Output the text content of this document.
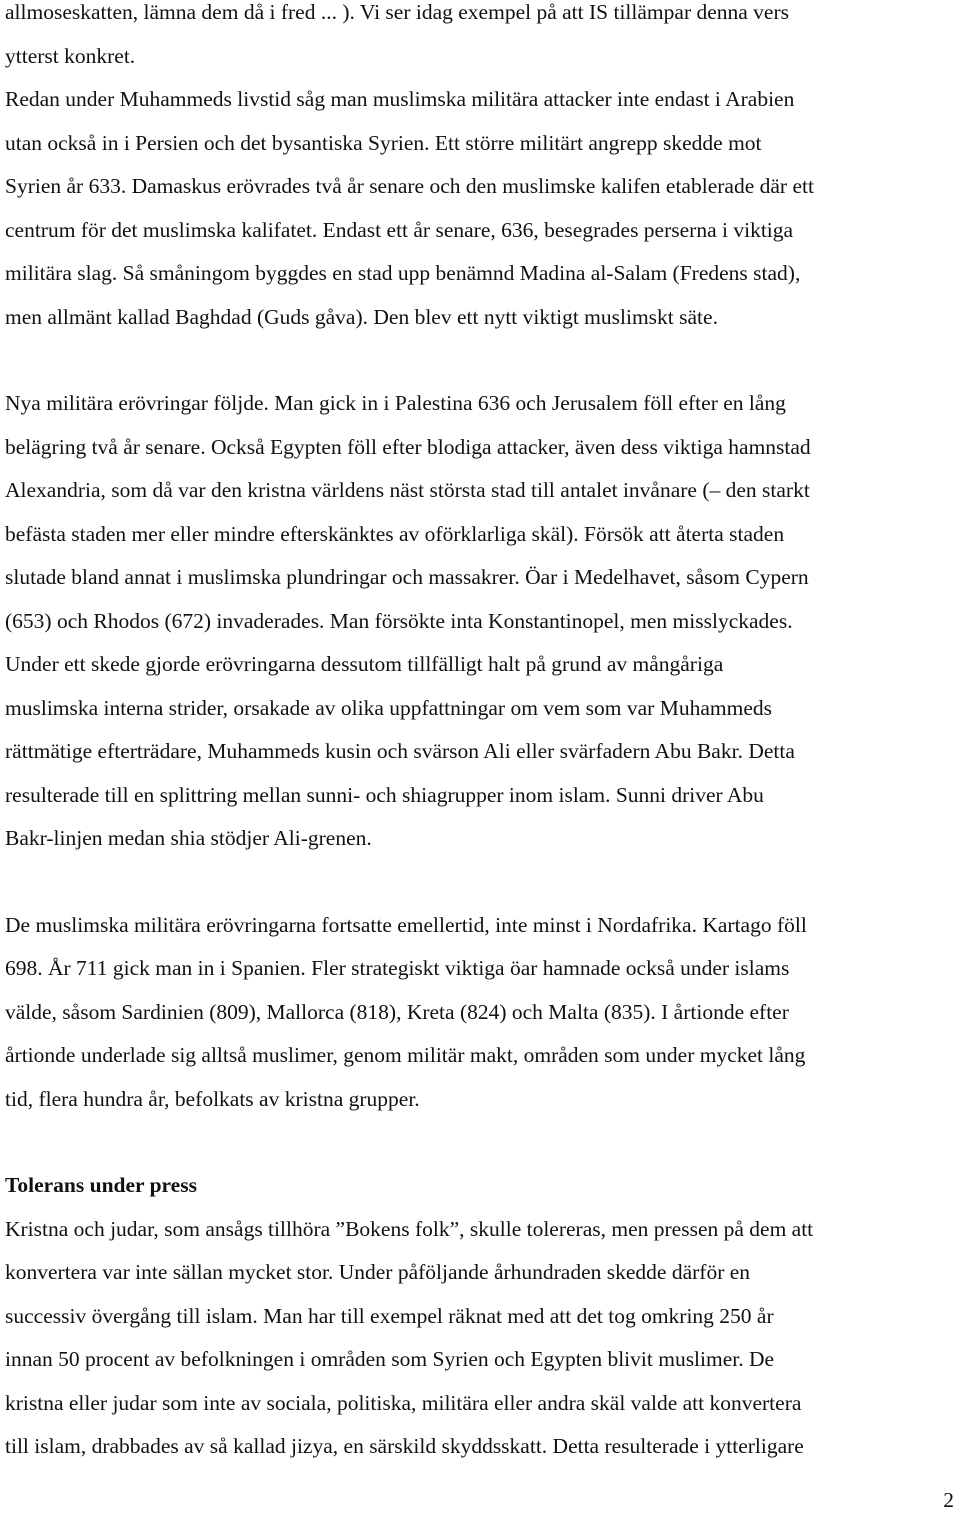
allmoseskatten, lämna dem då i fred ... ). Vi ser idag exempel på att IS tillämpar denna vers
ytterst konkret.
Redan under Muhammeds livstid såg man muslimska militära attacker inte endast i Arabien
utan också in i Persien och det bysantiska Syrien. Ett större militärt angrepp skedde mot
Syrien år 633. Damaskus erövrades två år senare och den muslimske kalifen etablerade där ett
centrum för det muslimska kalifatet. Endast ett år senare, 636, besegrades perserna i viktiga
militära slag. Så småningom byggdes en stad upp benämnd Madina al-Salam (Fredens stad),
men allmänt kallad Baghdad (Guds gåva). Den blev ett nytt viktigt muslimskt säte.
Nya militära erövringar följde. Man gick in i Palestina 636 och Jerusalem föll efter en lång
belägring två år senare. Också Egypten föll efter blodiga attacker, även dess viktiga hamnstad
Alexandria, som då var den kristna världens näst största stad till antalet invånare (– den starkt
befästa staden mer eller mindre efterskänktes av oförklarliga skäl). Försök att återta staden
slutade bland annat i muslimska plundringar och massakrer. Öar i Medelhavet, såsom Cypern
(653) och Rhodos (672) invaderades. Man försökte inta Konstantinopel, men misslyckades.
Under ett skede gjorde erövringarna dessutom tillfälligt halt på grund av mångåriga
muslimska interna strider, orsakade av olika uppfattningar om vem som var Muhammeds
rättmätige efterträdare, Muhammeds kusin och svärson Ali eller svärfadern Abu Bakr. Detta
resulterade till en splittring mellan sunni- och shiagrupper inom islam. Sunni driver Abu
Bakr-linjen medan shia stödjer Ali-grenen.
De muslimska militära erövringarna fortsatte emellertid, inte minst i Nordafrika. Kartago föll
698. År 711 gick man in i Spanien. Fler strategiskt viktiga öar hamnade också under islams
välde, såsom Sardinien (809), Mallorca (818), Kreta (824) och Malta (835). I årtionde efter
årtionde underlade sig alltså muslimer, genom militär makt, områden som under mycket lång
tid, flera hundra år, befolkats av kristna grupper.
Tolerans under press
Kristna och judar, som ansågs tillhöra ”Bokens folk”, skulle tolereras, men pressen på dem att
konvertera var inte sällan mycket stor. Under påföljande århundraden skedde därför en
successiv övergång till islam. Man har till exempel räknat med att det tog omkring 250 år
innan 50 procent av befolkningen i områden som Syrien och Egypten blivit muslimer. De
kristna eller judar som inte av sociala, politiska, militära eller andra skäl valde att konvertera
till islam, drabbades av så kallad jizya, en särskild skyddsskatt. Detta resulterade i ytterligare
2
